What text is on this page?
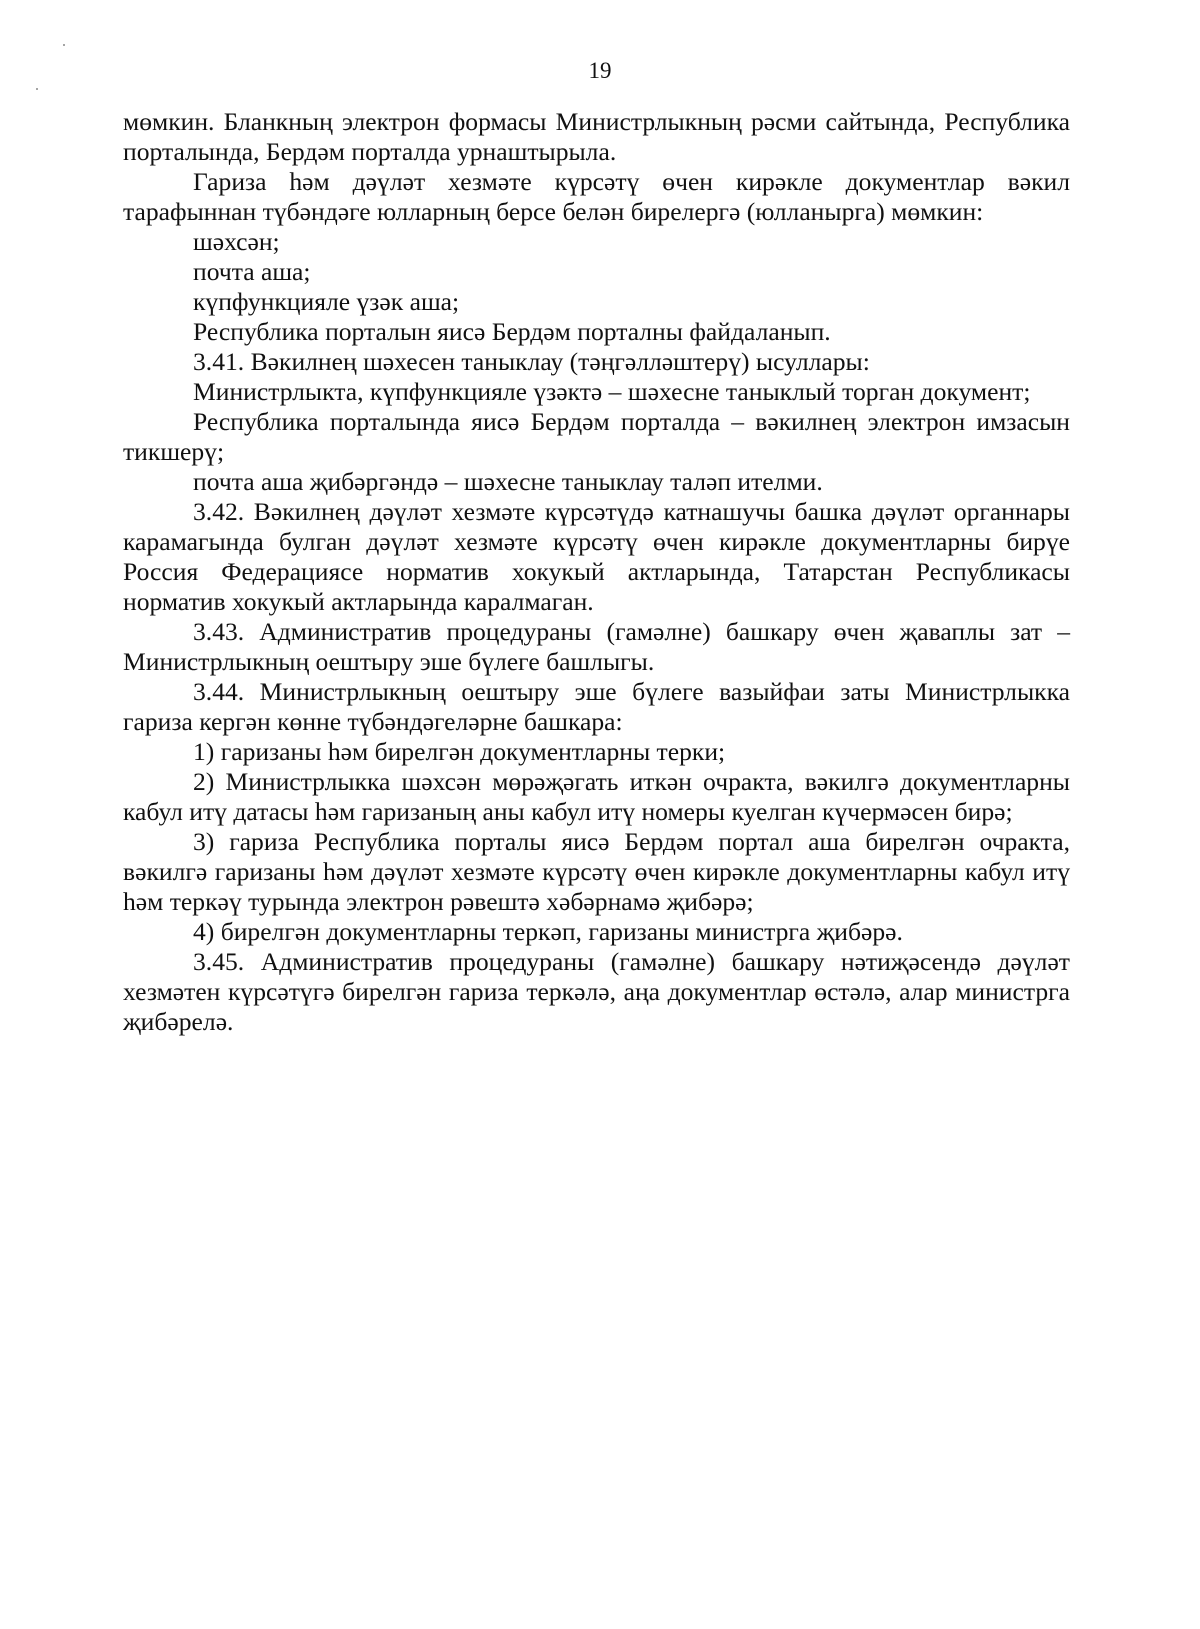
19

мөмкин. Бланкның электрон формасы Министрлыкның рәсми сайтында, Республика порталында, Бердәм порталда урнаштырыла.

Гариза һәм дәүләт хезмәте күрсәтү өчен кирәкле документлар вәкил тарафыннан түбәндәге юлларның берсе белән бирелергә (юлланырга) мөмкин:

шәхсән;

почта аша;

күпфункцияле үзәк аша;

Республика порталын яисә Бердәм порталны файдаланып.

3.41. Вәкилнең шәхесен таныклау (тәңгәлләштерү) ысуллары:

Министрлыкта, күпфункцияле үзәктә – шәхесне таныклый торган документ;

Республика порталында яисә Бердәм порталда – вәкилнең электрон имзасын тикшерү;

почта аша җибәргәндә – шәхесне таныклау таләп ителми.

3.42. Вәкилнең дәүләт хезмәте күрсәтүдә катнашучы башка дәүләт органнары карамагында булган дәүләт хезмәте күрсәтү өчен кирәкле документларны бирүе Россия Федерациясе норматив хокукый актларында, Татарстан Республикасы норматив хокукый актларында каралмаган.

3.43. Административ процедураны (гамәлне) башкару өчен җаваплы зат – Министрлыкның оештыру эше бүлеге башлыгы.

3.44. Министрлыкның оештыру эше бүлеге вазыйфаи заты Министрлыкка гариза кергән көнне түбәндәгеләрне башкара:

1) гаризаны һәм бирелгән документларны терки;

2) Министрлыкка шәхсән мөрәҗәгать иткән очракта, вәкилгә документларны кабул итү датасы һәм гаризаның аны кабул итү номеры куелган күчермәсен бирә;

3) гариза Республика порталы яисә Бердәм портал аша бирелгән очракта, вәкилгә гаризаны һәм дәүләт хезмәте күрсәтү өчен кирәкле документларны кабул итү һәм теркәү турында электрон рәвештә хәбәрнамә җибәрә;

4) бирелгән документларны теркәп, гаризаны министрга җибәрә.

3.45. Административ процедураны (гамәлне) башкару нәтиҗәсендә дәүләт хезмәтен күрсәтүгә бирелгән гариза теркәлә, аңа документлар өстәлә, алар министрга җибәрелә.
